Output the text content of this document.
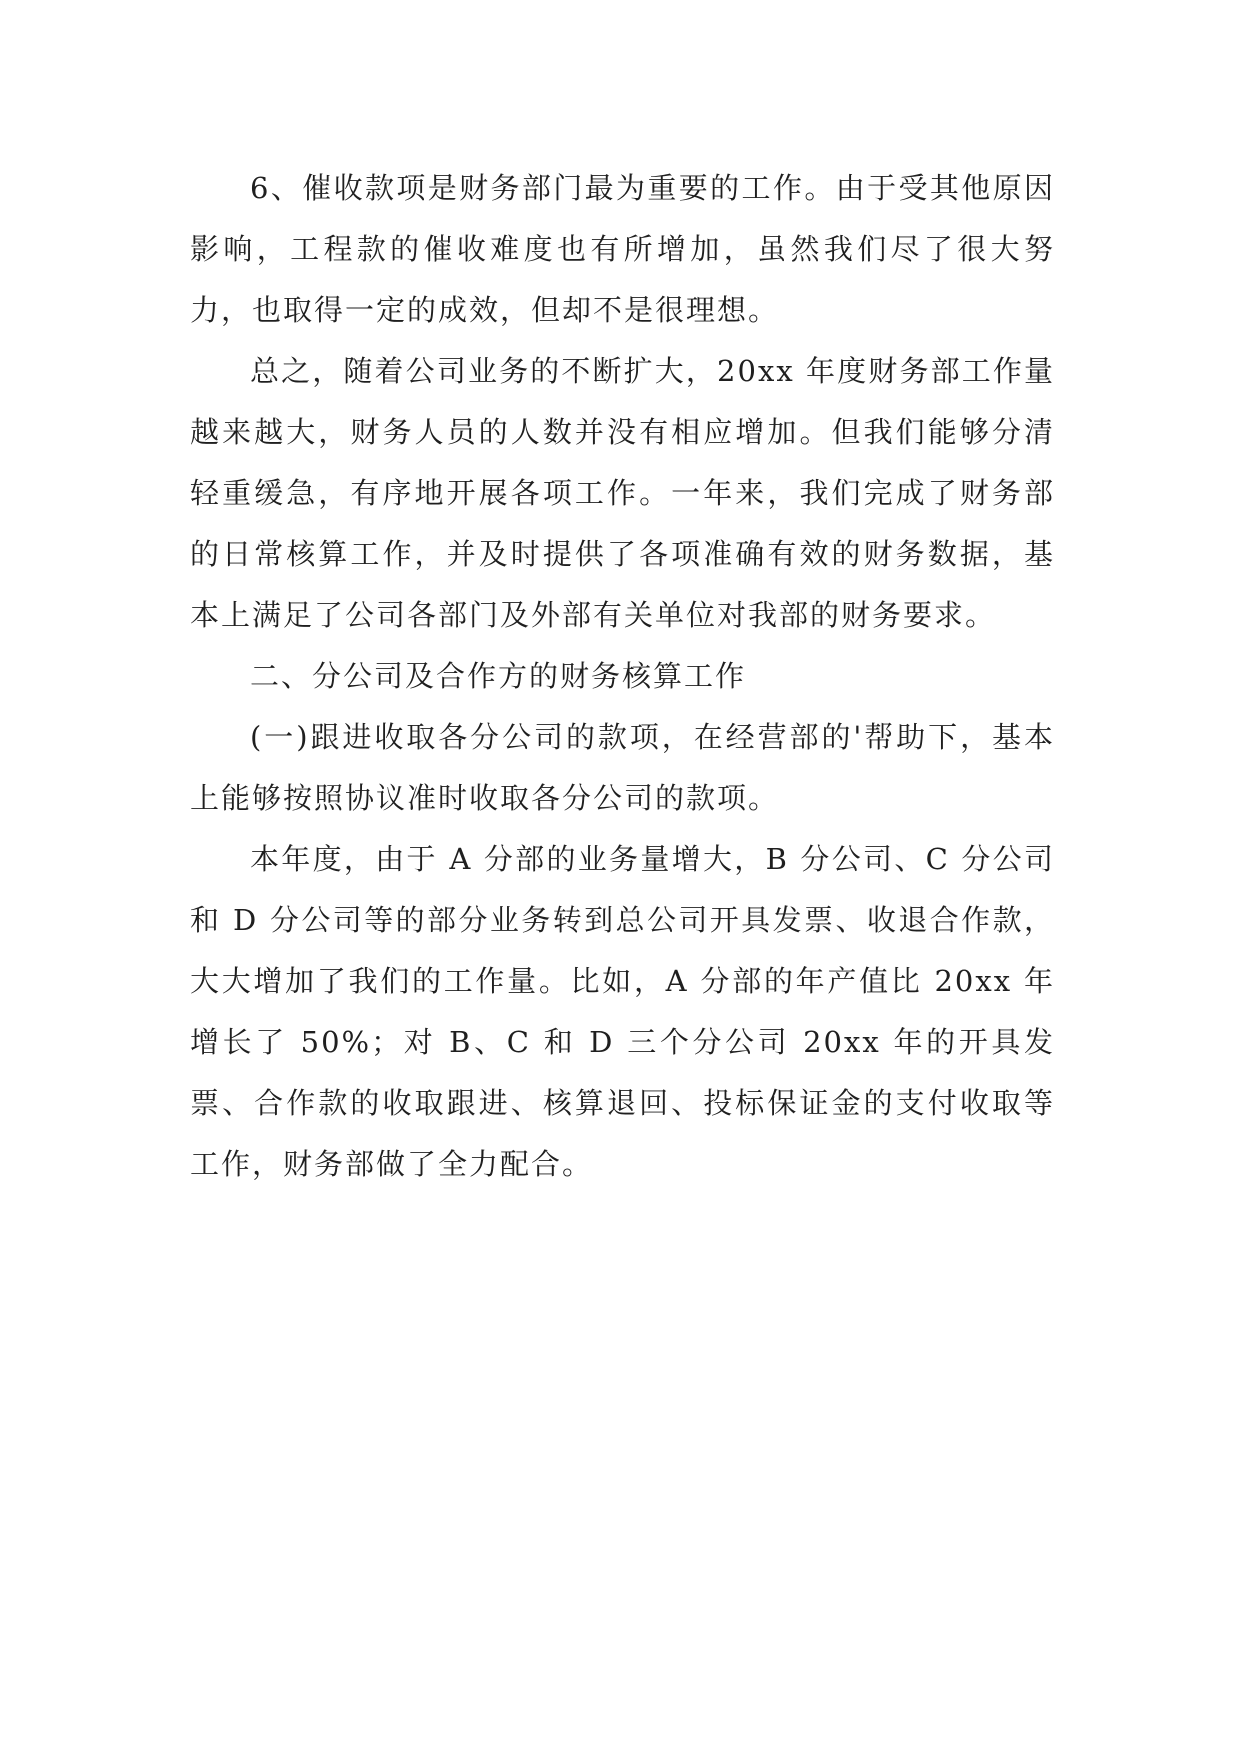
6、催收款项是财务部门最为重要的工作。由于受其他原因影响，工程款的催收难度也有所增加，虽然我们尽了很大努力，也取得一定的成效，但却不是很理想。

总之，随着公司业务的不断扩大，20xx 年度财务部工作量越来越大，财务人员的人数并没有相应增加。但我们能够分清轻重缓急，有序地开展各项工作。一年来，我们完成了财务部的日常核算工作，并及时提供了各项准确有效的财务数据，基本上满足了公司各部门及外部有关单位对我部的财务要求。

二、分公司及合作方的财务核算工作

(一)跟进收取各分公司的款项，在经营部的'帮助下，基本上能够按照协议准时收取各分公司的款项。

本年度，由于 A 分部的业务量增大，B 分公司、C 分公司和 D 分公司等的部分业务转到总公司开具发票、收退合作款，大大增加了我们的工作量。比如，A 分部的年产值比 20xx 年增长了 50%；对 B、C 和 D 三个分公司 20xx 年的开具发票、合作款的收取跟进、核算退回、投标保证金的支付收取等工作，财务部做了全力配合。
